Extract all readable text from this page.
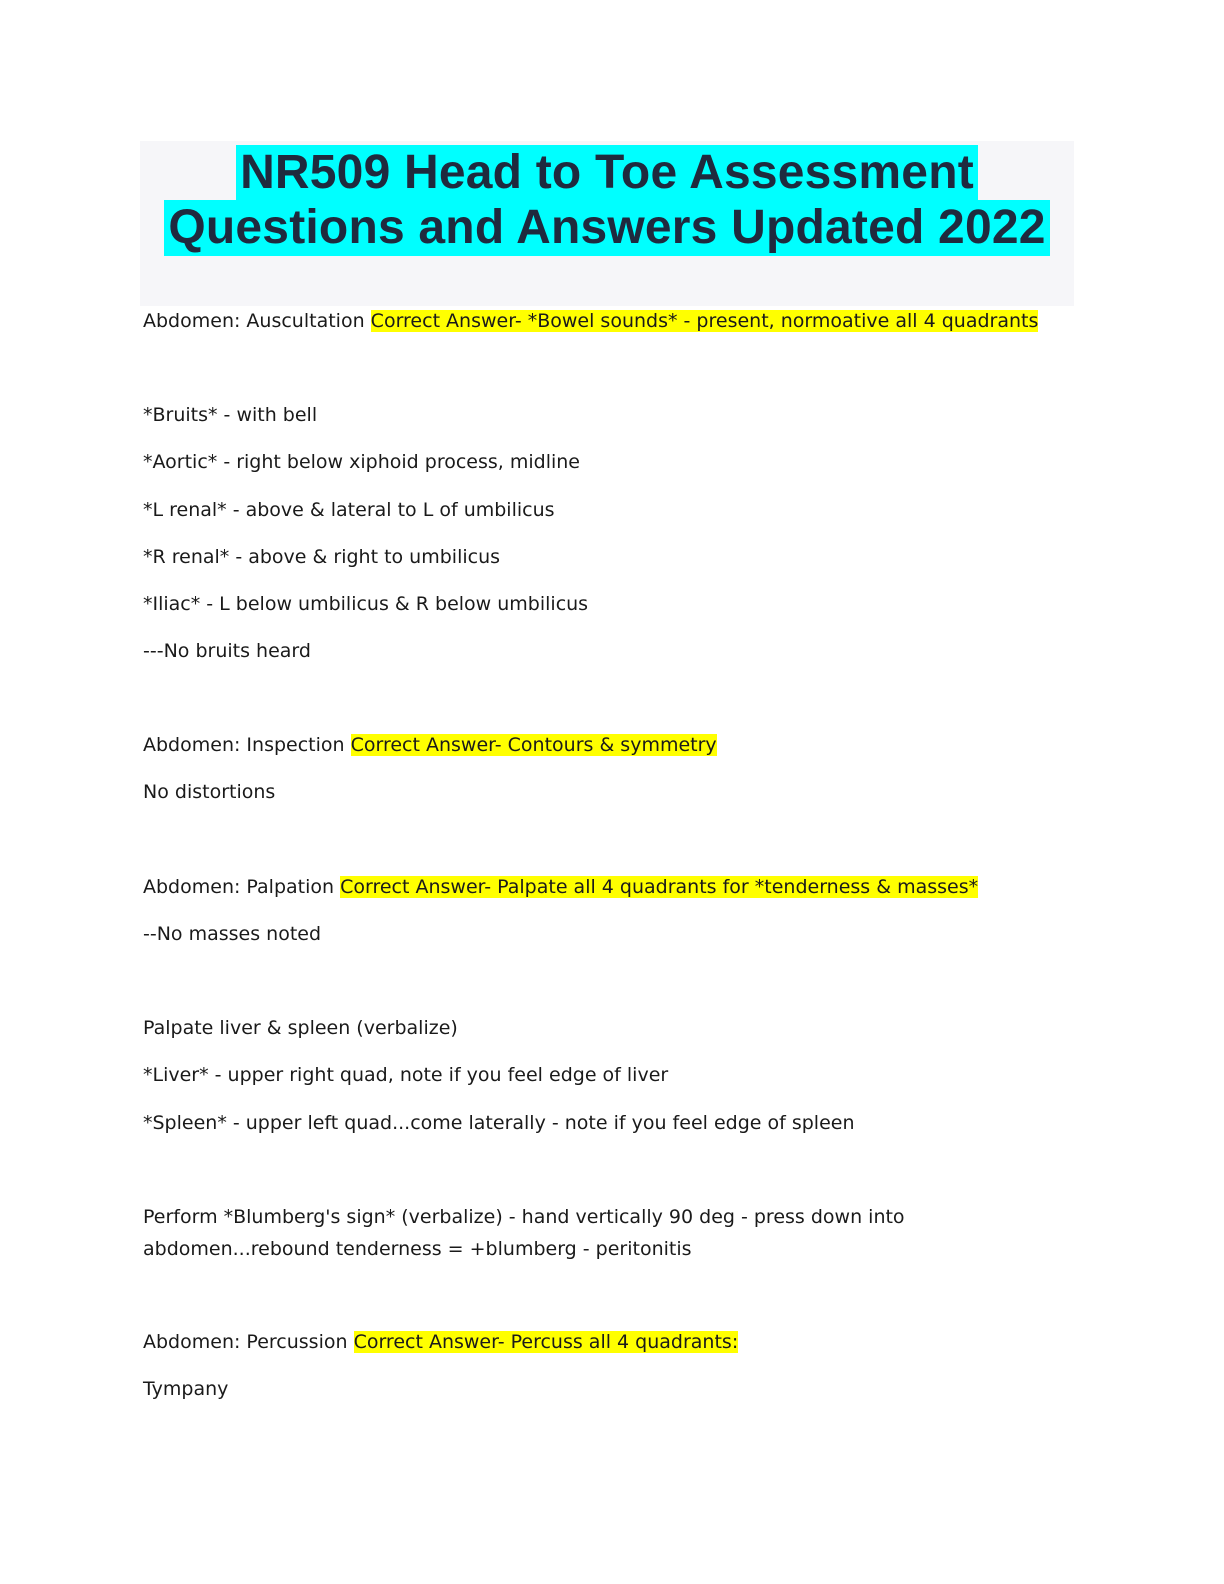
NR509 Head to Toe Assessment
Questions and Answers Updated 2022
Abdomen: Auscultation Correct Answer- *Bowel sounds* - present, normoative all 4 quadrants
*Bruits* - with bell
*Aortic* - right below xiphoid process, midline
*L renal* - above & lateral to L of umbilicus
*R renal* - above & right to umbilicus
*Iliac* - L below umbilicus & R below umbilicus
---No bruits heard
Abdomen: Inspection Correct Answer- Contours & symmetry
No distortions
Abdomen: Palpation Correct Answer- Palpate all 4 quadrants for *tenderness & masses*
--No masses noted
Palpate liver & spleen (verbalize)
*Liver* - upper right quad, note if you feel edge of liver
*Spleen* - upper left quad...come laterally - note if you feel edge of spleen
Perform *Blumberg's sign* (verbalize) - hand vertically 90 deg - press down into abdomen...rebound tenderness = +blumberg - peritonitis
Abdomen: Percussion Correct Answer- Percuss all 4 quadrants:
Tympany
